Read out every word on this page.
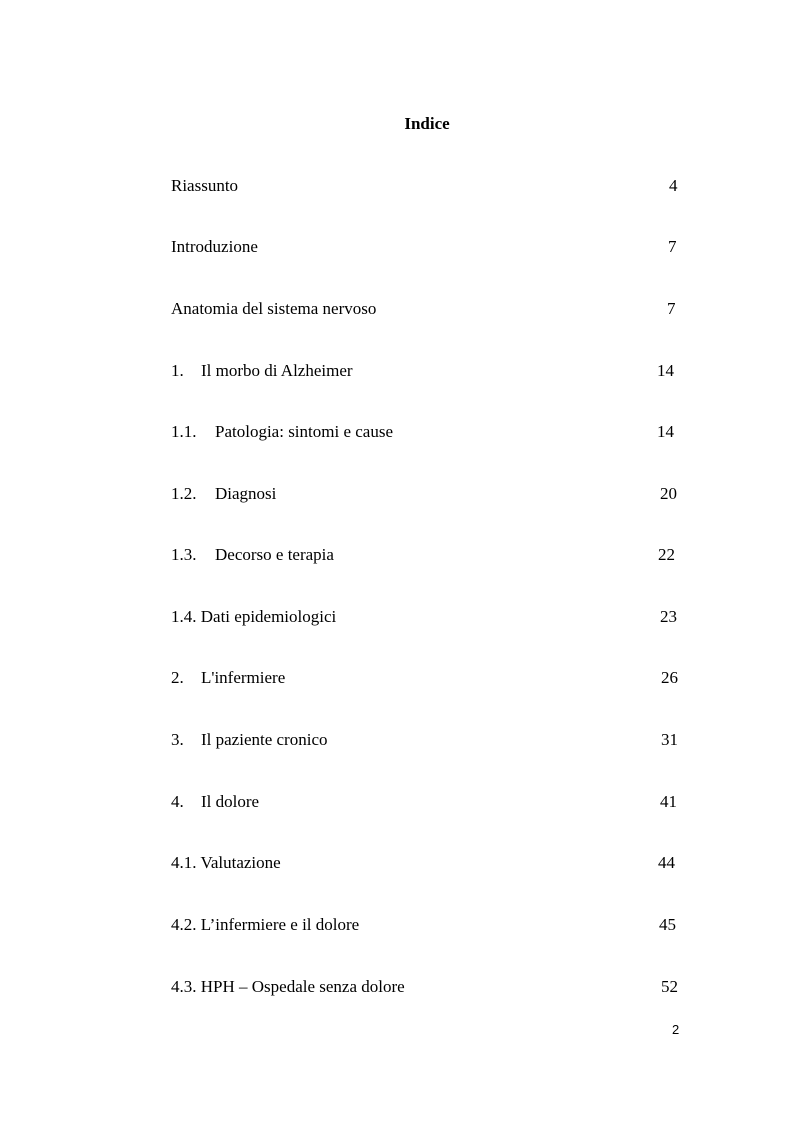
Indice
Riassunto	4
Introduzione	7
Anatomia del sistema nervoso	7
1. Il morbo di Alzheimer	14
1.1. Patologia: sintomi e cause	14
1.2. Diagnosi	20
1.3. Decorso e terapia	22
1.4. Dati epidemiologici	23
2. L'infermiere	26
3. Il paziente cronico	31
4. Il dolore	41
4.1. Valutazione	44
4.2. L’infermiere e il dolore	45
4.3. HPH – Ospedale senza dolore	52
2
